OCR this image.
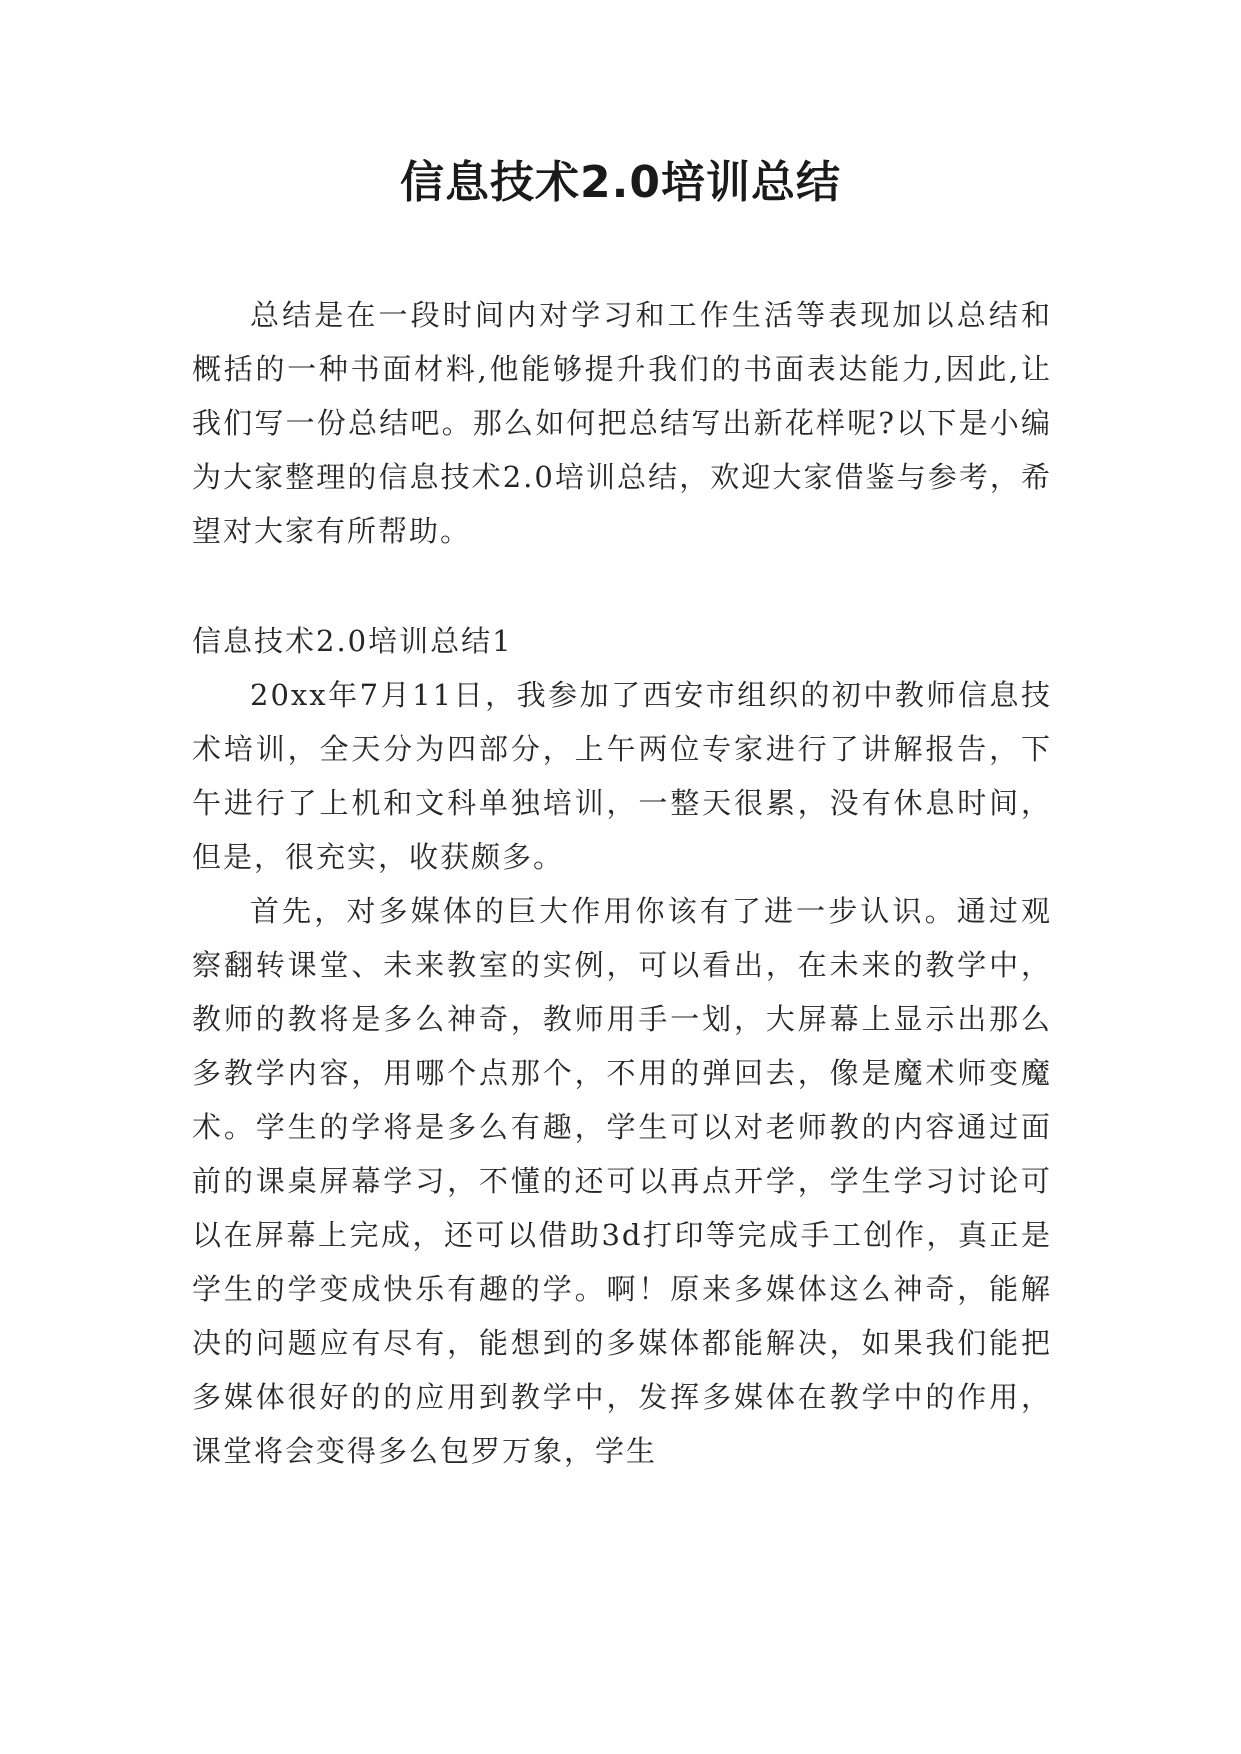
信息技术2.0培训总结

总结是在一段时间内对学习和工作生活等表现加以总结和概括的一种书面材料,他能够提升我们的书面表达能力,因此,让我们写一份总结吧。那么如何把总结写出新花样呢?以下是小编为大家整理的信息技术2.0培训总结，欢迎大家借鉴与参考，希望对大家有所帮助。

信息技术2.0培训总结1

20xx年7月11日，我参加了西安市组织的初中教师信息技术培训，全天分为四部分，上午两位专家进行了讲解报告，下午进行了上机和文科单独培训，一整天很累，没有休息时间，但是，很充实，收获颇多。

首先，对多媒体的巨大作用你该有了进一步认识。通过观察翻转课堂、未来教室的实例，可以看出，在未来的教学中，教师的教将是多么神奇，教师用手一划，大屏幕上显示出那么多教学内容，用哪个点那个，不用的弹回去，像是魔术师变魔术。学生的学将是多么有趣，学生可以对老师教的内容通过面前的课桌屏幕学习，不懂的还可以再点开学，学生学习讨论可以在屏幕上完成，还可以借助3d打印等完成手工创作，真正是学生的学变成快乐有趣的学。啊！原来多媒体这么神奇，能解决的问题应有尽有，能想到的多媒体都能解决，如果我们能把多媒体很好的的应用到教学中，发挥多媒体在教学中的作用，课堂将会变得多么包罗万象，学生
